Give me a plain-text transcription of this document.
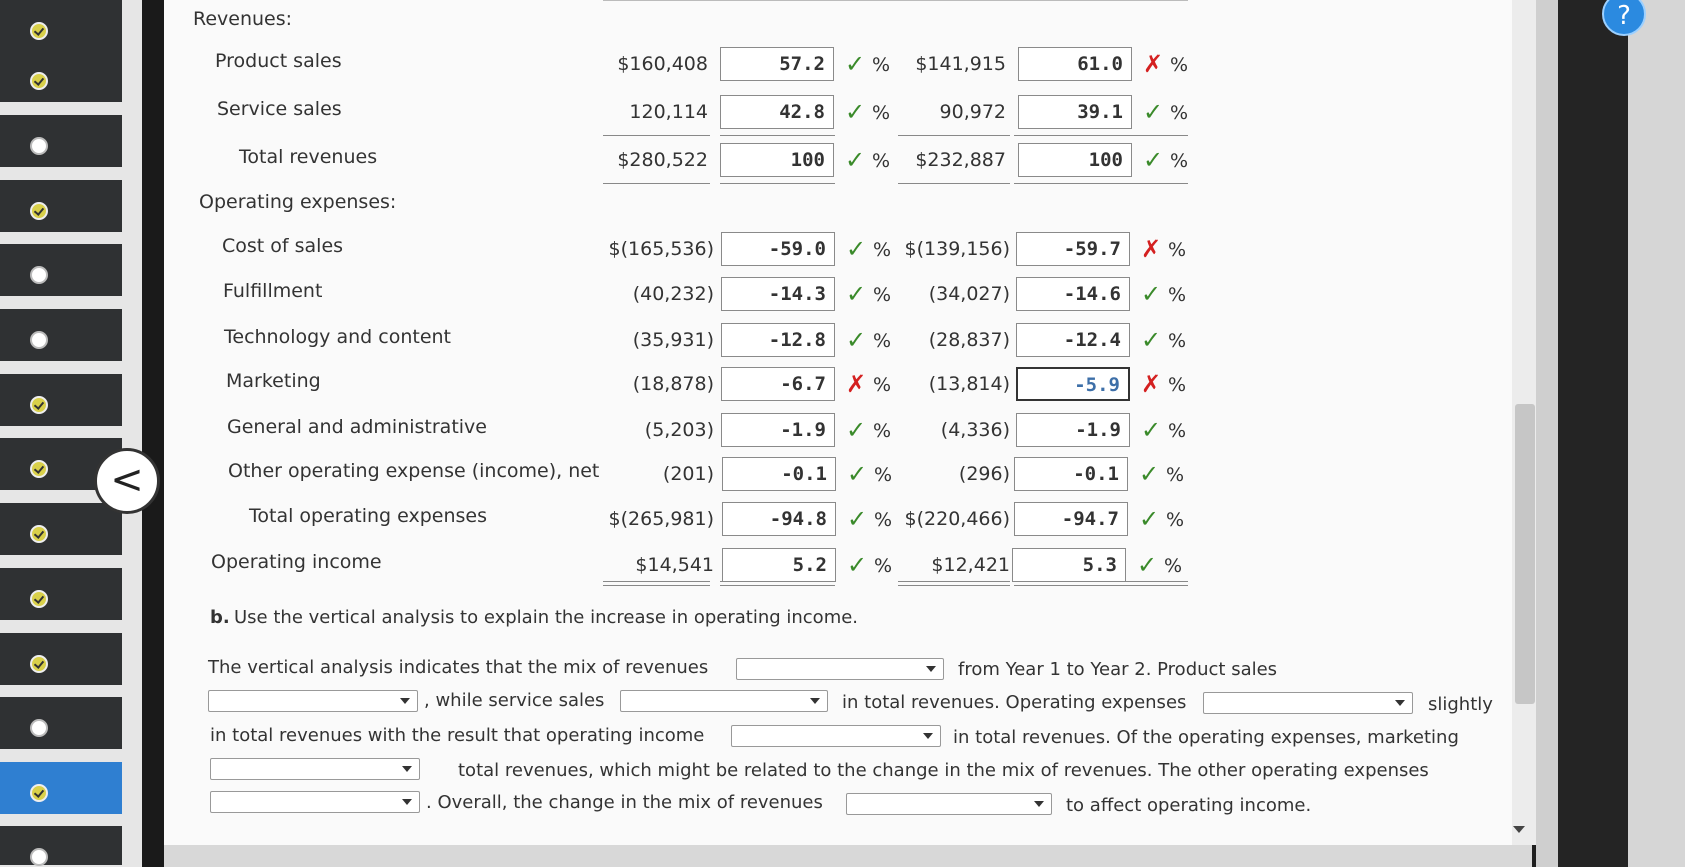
?
Revenues:
Operating expenses:
Product sales	$160,408	57.2 ✓ % $141,915	61.0 ✗ %
Service sales	120,114	42.8 ✓ %	90,972	39.1 ✓ %
Total revenues	$280,522	100 ✓ % $232,887	100 ✓ %
Cost of sales	$(165,536)	-59.0 ✓ % $(139,156)	-59.7 ✗ %
Fulfillment	(40,232)	-14.3 ✓ % (34,027)	-14.6 ✓ %
Technology and content	(35,931)	-12.8 ✓ % (28,837)	-12.4 ✓ %
Marketing	(18,878)	-6.7 ✗ % (13,814)	-5.9 ✗ %
General and administrative	(5,203)	-1.9 ✓ %	(4,336)	-1.9 ✓ %
Other operating expense (income), net	(201)	-0.1 ✓ %	(296)	-0.1 ✓ %
Total operating expenses	$(265,981)	-94.8 ✓ % $(220,466)	-94.7 ✓ %
Operating income	$14,541	5.2 ✓ % $12,421	5.3 ✓ %
b. Use the vertical analysis to explain the increase in operating income.
The vertical analysis indicates that the mix of revenues	from Year 1 to Year 2. Product sales
, while service sales	in total revenues. Operating expenses	slightly
in total revenues with the result that operating income	in total revenues. Of the operating expenses, marketing
total revenues, which might be related to the change in the mix of revenues. The other operating expenses
. Overall, the change in the mix of revenues	to affect operating income.
<
